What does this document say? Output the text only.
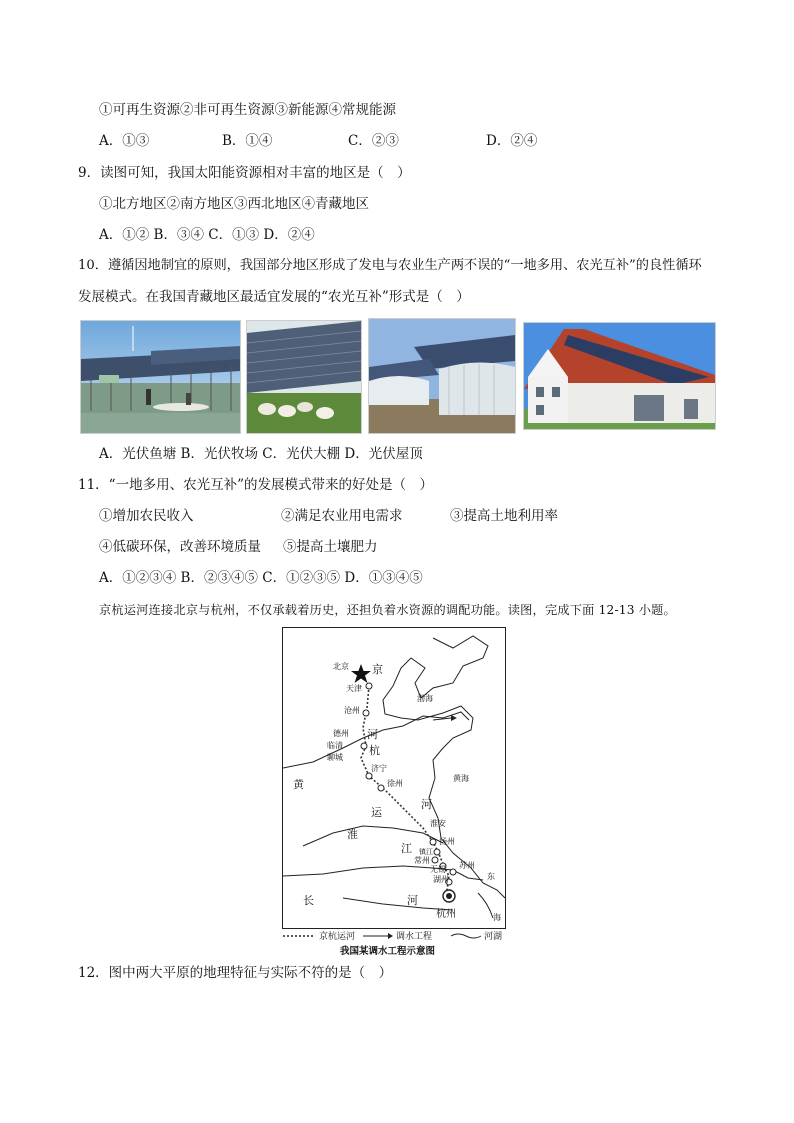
①可再生资源②非可再生资源③新能源④常规能源
A．①③	B．①④	C．②③	D．②④
9．读图可知，我国太阳能资源相对丰富的地区是（　）
①北方地区②南方地区③西北地区④青藏地区
A．①② B．③④ C．①③ D．②④
10．遵循因地制宜的原则，我国部分地区形成了发电与农业生产两不误的“一地多用、农光互补”的良性循环
发展模式。在我国青藏地区最适宜发展的“农光互补”形式是（　）
A．光伏鱼塘 B．光伏牧场 C．光伏大棚 D．光伏屋顶
11．“一地多用、农光互补”的发展模式带来的好处是（　）
①增加农民收入	②满足农业用电需求	③提高土地利用率
④低碳环保，改善环境质量 ⑤提高土壤肥力
A．①②③④ B．②③④⑤ C．①②③⑤ D．①③④⑤
京杭运河连接北京与杭州，不仅承载着历史，还担负着水资源的调配功能。读图，完成下面 12-13 小题。
北京 京
天津
沧州
德州
临清
聊城
河
杭
渤海
济宁
徐州
黄海
黄
运
河
淮安
淮
扬州
江 镇江
常州
无锡 苏州
湖州	东
长	河
杭州	海
京杭运河	调水工程	河湖
我国某调水工程示意图
12．图中两大平原的地理特征与实际不符的是（　）
